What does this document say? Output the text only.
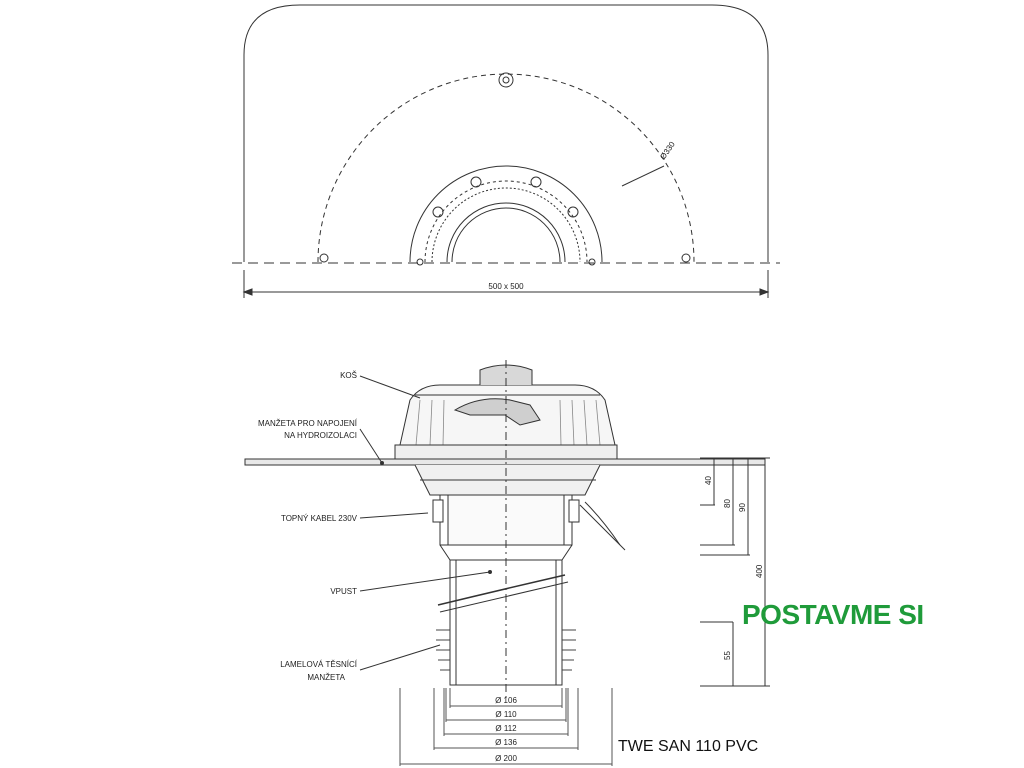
Ø330
500 x 500
KOŠ
MANŽETA PRO NAPOJENÍ
NA HYDROIZOLACI
TOPNÝ KABEL 230V
VPUST
LAMELOVÁ TĚSNÍCÍ
MANŽETA
40
80 90
400
55
Ø 106
Ø 110
Ø 112
Ø 136
Ø 200
TWE SAN 110 PVC
POSTAVME SI
